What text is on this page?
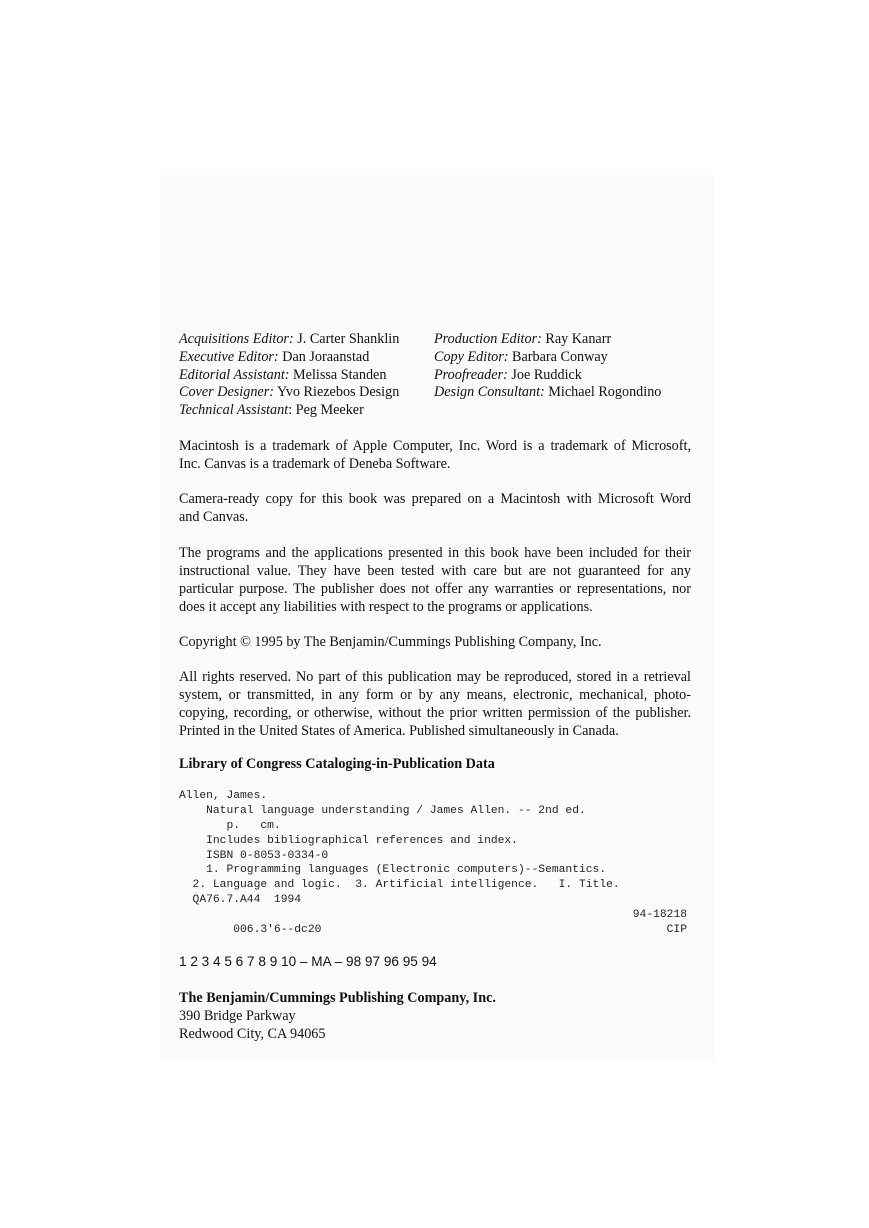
Acquisitions Editor: J. Carter Shanklin
Executive Editor: Dan Joraanstad
Editorial Assistant: Melissa Standen
Cover Designer: Yvo Riezebos Design
Technical Assistant: Peg Meeker
Production Editor: Ray Kanarr
Copy Editor: Barbara Conway
Proofreader: Joe Ruddick
Design Consultant: Michael Rogondino
Macintosh is a trademark of Apple Computer, Inc. Word is a trademark of Microsoft,
Inc. Canvas is a trademark of Deneba Software.
Camera-ready copy for this book was prepared on a Macintosh with Microsoft Word
and Canvas.
The programs and the applications presented in this book have been included for their
instructional value. They have been tested with care but are not guaranteed for any
particular purpose. The publisher does not offer any warranties or representations, nor
does it accept any liabilities with respect to the programs or applications.
Copyright © 1995 by The Benjamin/Cummings Publishing Company, Inc.
All rights reserved. No part of this publication may be reproduced, stored in a retrieval
system, or transmitted, in any form or by any means, electronic, mechanical, photo-
copying, recording, or otherwise, without the prior written permission of the publisher.
Printed in the United States of America. Published simultaneously in Canada.
Library of Congress Cataloging-in-Publication Data
Allen, James.
Natural language understanding / James Allen. -- 2nd ed.
p.   cm.
Includes bibliographical references and index.
ISBN 0-8053-0334-0
1. Programming languages (Electronic computers)--Semantics.
2. Language and logic.  3. Artificial intelligence.   I. Title.
QA76.7.A44  1994

006.3'6--dc20

94-18218

CIP

1 2 3 4 5 6 7 8 9 10 – MA – 98 97 96 95 94
The Benjamin/Cummings Publishing Company, Inc.
390 Bridge Parkway
Redwood City, CA 94065
